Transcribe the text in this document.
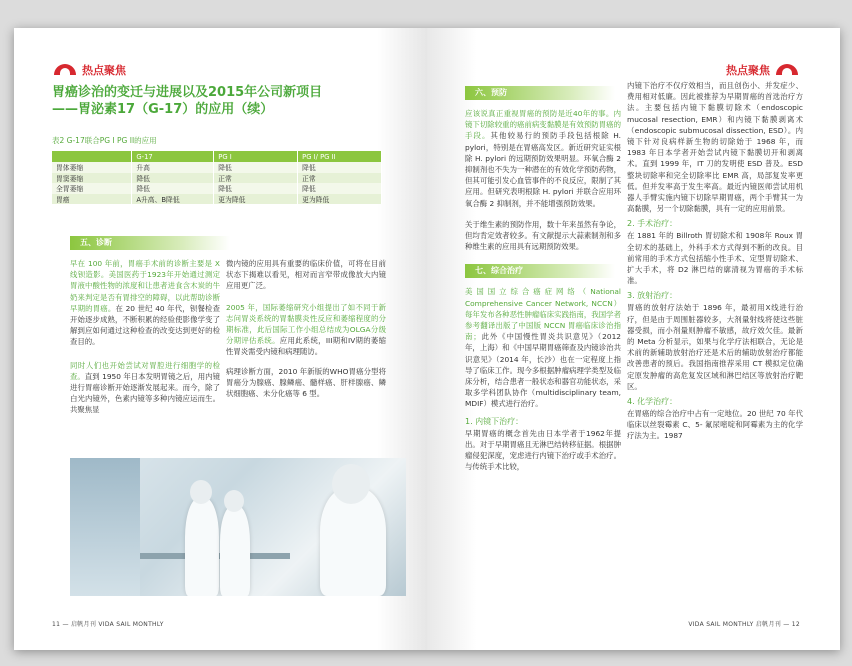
热点聚焦
胃癌诊治的变迁与进展以及2015年公司新项目
——胃泌素17（G-17）的应用（续）
表2 G-17联合PG I PG II的应用
	G-17	PG I	PG I/ PG II
胃体萎缩	升高	降低	降低
胃窦萎缩	降低	正常	正常
全胃萎缩	降低	降低	降低
胃癌	A升高、B降低	更为降低	更为降低
五、诊断

早在 100 年前，胃癌手术前的诊断主要是 X 线钡造影。美国医药于1923年开始通过测定胃液中酸性物的浓度和让患者进食含木炭的牛奶来判定是否有胃排空的障碍，以此帮助诊断早期的胃癌。在 20 世纪 40 年代，钡餐检查开始逐步成熟，不断积累的经验使影像学变了解到应如何通过这种检查的改变达到更好的检查目的。

同时人们也开始尝试对胃腔进行细胞学的检查。直到 1950 年日本发明胃镜之后，用内镜进行胃癌诊断开始逐渐发展起来。而今，除了白光内镜外，色素内镜等多种内镜应运而生。共聚焦显

微内镜的应用具有重要的临床价值，可将在目前状态下揭难以看见，相对而言窄带成像放大内镜应用更广泛。

2005 年，国际萎缩研究小组提出了如不同于新志问胃炎系统的胃黏膜炎性反应和萎缩程度的分期标准，此后国际工作小组总结成为OLGA分级分期评估系统。应用此系统，III期和IV期的萎缩性胃炎需受内镜和病理随访。

病理诊断方面，2010 年新版的WHO胃癌分型将胃癌分为腺癌、腺鳞癌、髓样癌、肝样腺癌、鳞状细胞癌、未分化癌等 6 型。

11 — 启帆月刊 VIDA SAIL MONTHLY
热点聚焦
六、预防

应该说真正重视胃癌的预防是近40年的事。内镜下切除较重的癌前病变黏膜是有效预防胃癌的手段。其他较易行的预防手段包括根除 H. pylori，特别是在胃癌高发区。新近研究证实根除 H. pylori 的远期预防效果明显。环氧合酶 2 抑制剂也不失为一种潜在的有效化学预防药物，但其可能引发心血管事件的不良反应，限制了其应用。但研究表明根除 H. pylori 并联合应用环氧合酶 2 抑制剂，并不能增强预防效果。

关于维生素的预防作用，数十年来虽然有争论，但均肯定效者较多。有文献提示大蒜素制剂和多种维生素的应用具有远期预防效果。

七、综合治疗

美国国立综合癌症网络（National Comprehensive Cancer Network, NCCN）每年发布各种恶性肿瘤临床实践指南，我国学者参考翻译出版了中国版 NCCN 胃癌临床诊治指南；此外《中国慢性胃炎共识意见》（2012 年，上海）和《中国早期胃癌筛查及内镜诊治共识意见》（2014 年，长沙）也在一定程度上指导了临床工作。现今多根据肿瘤病理学类型及临床分析，结合患者一般状态和器官功能状态，采取多学科团队协作（multidisciplinary team, MDIF）模式进行治疗。

1. 内镜下治疗：

早期胃癌的概念首先由日本学者于1962年提出。对于早期胃癌且无淋巴结转移征据。根据肿瘤侵犯深度，宠虑进行内镜下治疗或手术治疗。与传统手术比较，

内镜下治疗不仅疗效相当，而且创伤小、并发症少、费用相对低廉。因此被推荐为早期胃癌的首选治疗方法。主要包括内镜下黏膜切除术（endoscopic mucosal resection, EMR）和内镜下黏膜剥离术（endoscopic submucosal dissection, ESD）。内镜下针对良病样新生物的切除始于 1968 年，而 1983 年日本学者开始尝试内镜下黏膜切开和剥离术。直到 1999 年，IT 刀的发明使 ESD 普及。ESD 整块切除率和完全切除率比 EMR 高，局部复发率更低。但并发率高于发生率高。最近内镜医师尝试用机器人手臂实施内镜下切除早期胃癌，两个手臂其一为高黏膜，另一个切除黏膜，具有一定的应用前景。

2. 手术治疗：

在 1881 年的 Billroth 胃切除术和 1908年 Roux 胃全切术的基础上，外科手术方式得到不断的改良。目前常用的手术方式包括缩小性手术、定型胃切除术、扩大手术，将 D2 淋巴结的廓清视为胃癌的手术标准。

3. 放射治疗：

胃癌的放射疗法始于 1896 年，最初用X线进行治疗，但是由于周围脏器较多，大剂量射线将使这些脏器受损，而小剂量则肿瘤不敏感，故疗效欠佳。最新的 Meta 分析显示，如果与化学疗法相联合，无论是术前的新辅助放射治疗还是术后的辅助放射治疗都能改善患者的预后。我国指南推荐采用 CT 模拟定位确定原发肿瘤的高危复发区域和淋巴结区等放射治疗靶区。

4. 化学治疗：

在胃癌的综合治疗中占有一定地位。20 世纪 70 年代临床以丝裂霉素 C、5- 氟尿嘧啶和阿霉素为主的化学疗法为主。1987

VIDA SAIL MONTHLY 启帆月刊 — 12
